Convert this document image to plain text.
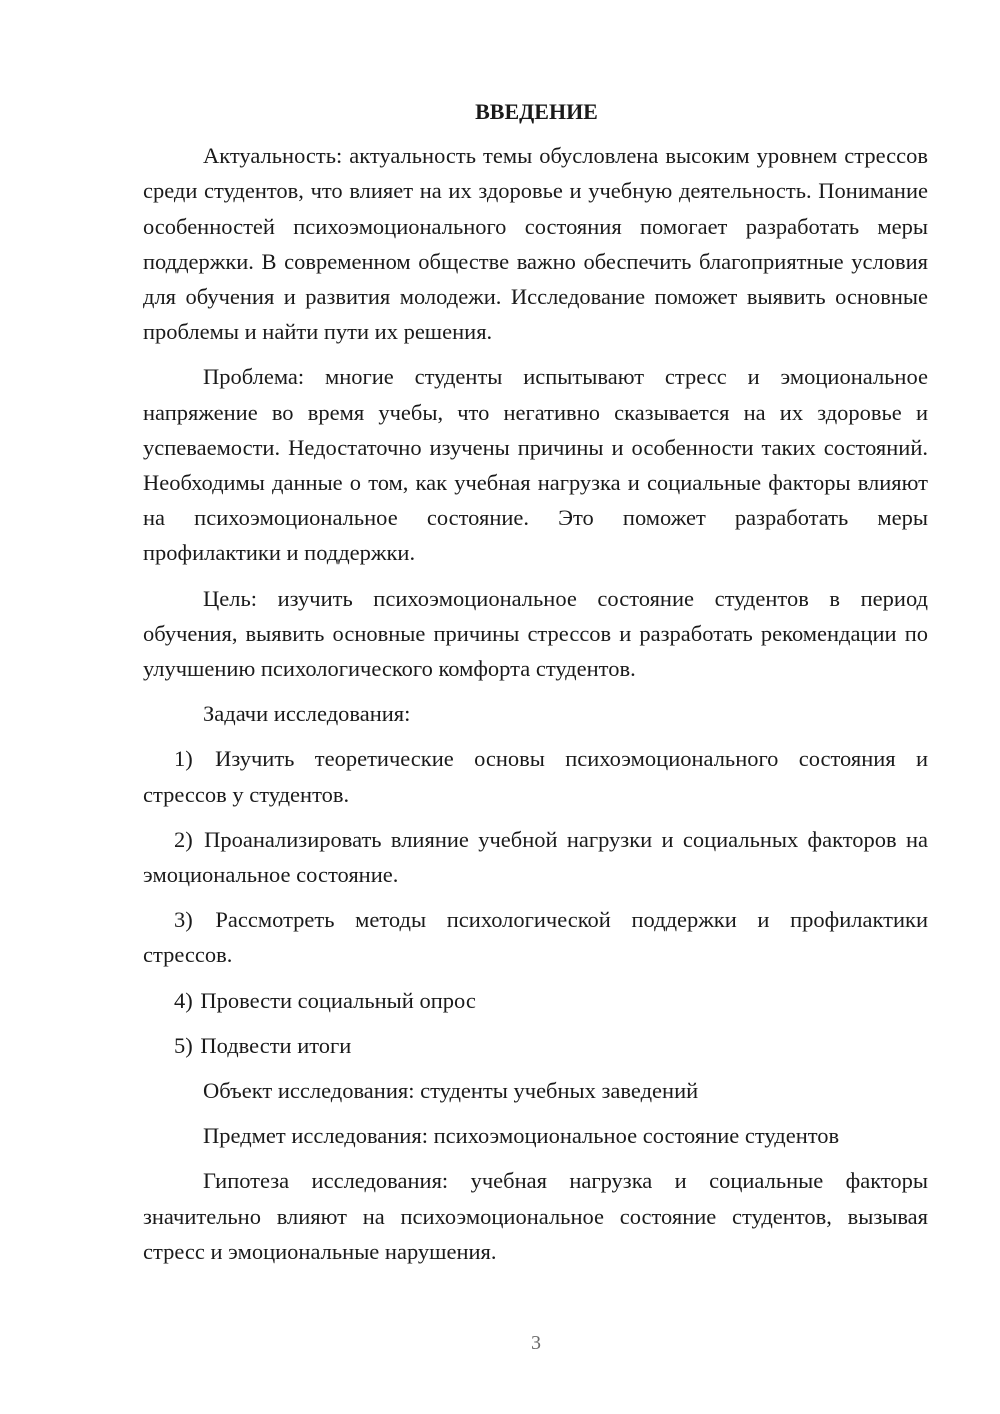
ВВЕДЕНИЕ

Актуальность: актуальность темы обусловлена высоким уровнем стрессов среди студентов, что влияет на их здоровье и учебную деятельность. Понимание особенностей психоэмоционального состояния помогает разработать меры поддержки. В современном обществе важно обеспечить благоприятные условия для обучения и развития молодежи. Исследование поможет выявить основные проблемы и найти пути их решения.

Проблема: многие студенты испытывают стресс и эмоциональное напряжение во время учебы, что негативно сказывается на их здоровье и успеваемости. Недостаточно изучены причины и особенности таких состояний. Необходимы данные о том, как учебная нагрузка и социальные факторы влияют на психоэмоциональное состояние. Это поможет разработать меры профилактики и поддержки.

Цель: изучить психоэмоциональное состояние студентов в период обучения, выявить основные причины стрессов и разработать рекомендации по улучшению психологического комфорта студентов.

Задачи исследования:

1) Изучить теоретические основы психоэмоционального состояния и стрессов у студентов.

2) Проанализировать влияние учебной нагрузки и социальных факторов на эмоциональное состояние.

3) Рассмотреть методы психологической поддержки и профилактики стрессов.

4) Провести социальный опрос

5) Подвести итоги

Объект исследования: студенты учебных заведений

Предмет исследования: психоэмоциональное состояние студентов

Гипотеза исследования: учебная нагрузка и социальные факторы значительно влияют на психоэмоциональное состояние студентов, вызывая стресс и эмоциональные нарушения.

3
